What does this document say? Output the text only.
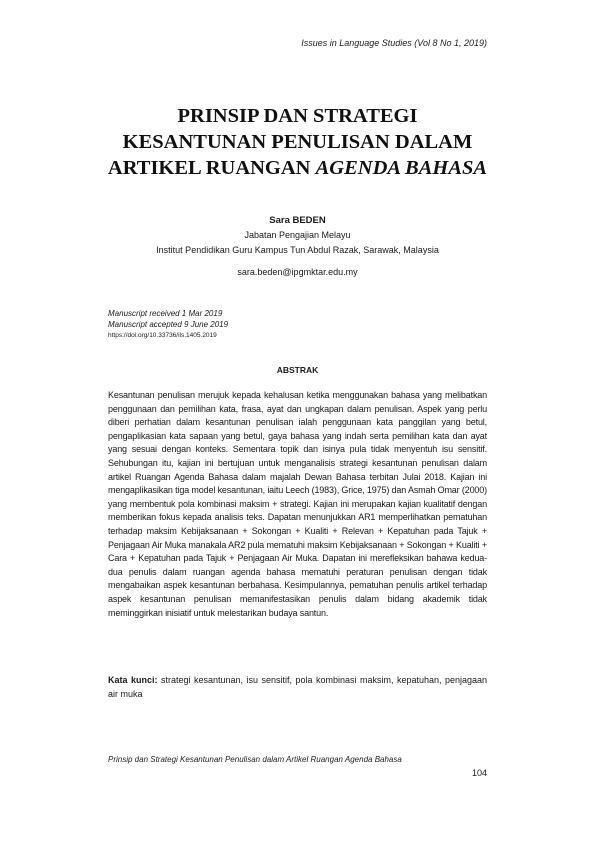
Issues in Language Studies (Vol 8 No 1, 2019)
PRINSIP DAN STRATEGI
KESANTUNAN PENULISAN DALAM
ARTIKEL RUANGAN AGENDA BAHASA
Sara BEDEN
Jabatan Pengajian Melayu
Institut Pendidikan Guru Kampus Tun Abdul Razak, Sarawak, Malaysia
sara.beden@ipgmktar.edu.my
Manuscript received 1 Mar 2019
Manuscript accepted 9 June 2019
https://doi.org/10.33736/ils.1405.2019
ABSTRAK
Kesantunan penulisan merujuk kepada kehalusan ketika menggunakan bahasa yang melibatkan penggunaan dan pemilihan kata, frasa, ayat dan ungkapan dalam penulisan. Aspek yang perlu diberi perhatian dalam kesantunan penulisan ialah penggunaan kata panggilan yang betul, pengaplikasian kata sapaan yang betul, gaya bahasa yang indah serta pemilihan kata dan ayat yang sesuai dengan konteks. Sementara topik dan isinya pula tidak menyentuh isu sensitif. Sehubungan itu, kajian ini bertujuan untuk menganalisis strategi kesantunan penulisan dalam artikel Ruangan Agenda Bahasa dalam majalah Dewan Bahasa terbitan Julai 2018. Kajian ini mengaplikasikan tiga model kesantunan, iaitu Leech (1983), Grice, 1975) dan Asmah Omar (2000) yang membentuk pola kombinasi maksim + strategi. Kajian ini merupakan kajian kualitatif dengan memberikan fokus kepada analisis teks. Dapatan menunjukkan AR1 memperlihatkan pematuhan terhadap maksim Kebijaksanaan + Sokongan + Kualiti + Relevan + Kepatuhan pada Tajuk + Penjagaan Air Muka manakala AR2 pula mematuhi maksim Kebijaksanaan + Sokongan + Kualiti + Cara + Kepatuhan pada Tajuk + Penjagaan Air Muka. Dapatan ini merefleksikan bahawa kedua-dua penulis dalam ruangan agenda bahasa mematuhi peraturan penulisan dengan tidak mengabaikan aspek kesantunan berbahasa. Kesimpulannya, pematuhan penulis artikel terhadap aspek kesantunan penulisan memanifestasikan penulis dalam bidang akademik tidak meminggirkan inisiatif untuk melestarikan budaya santun.
Kata kunci: strategi kesantunan, isu sensitif, pola kombinasi maksim, kepatuhan, penjagaan air muka
Prinsip dan Strategi Kesantunan Penulisan dalam Artikel Ruangan Agenda Bahasa
104
